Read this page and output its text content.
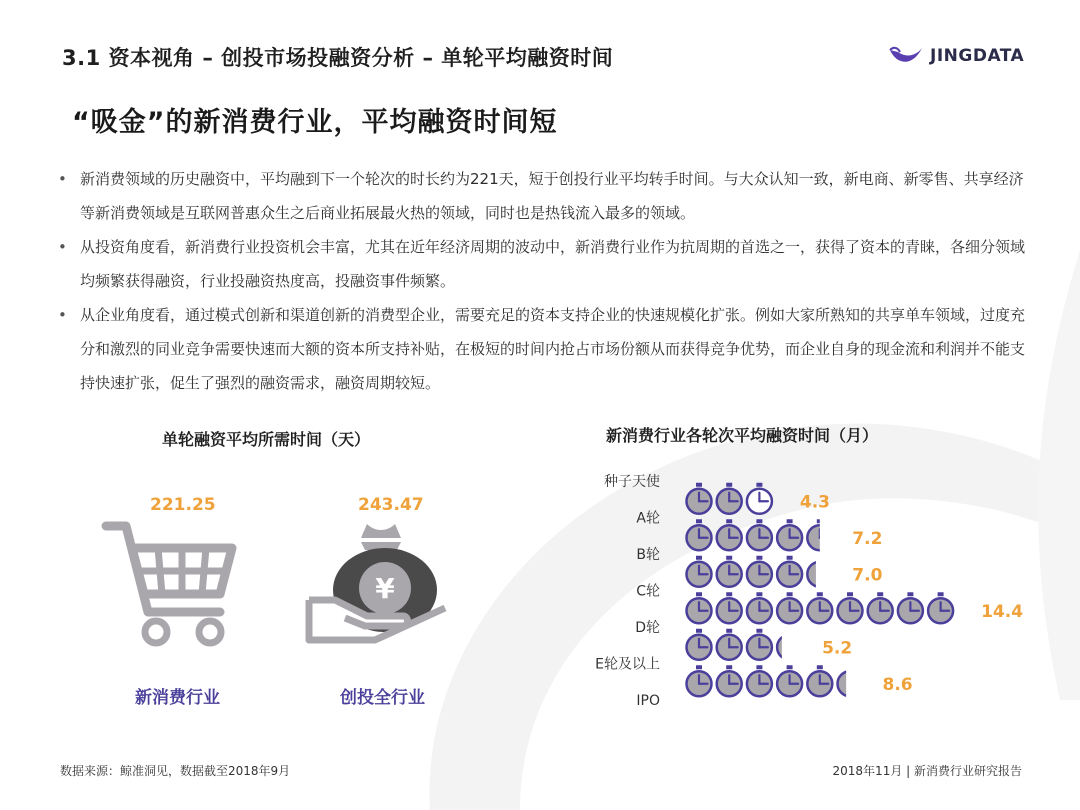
3.1 资本视角 – 创投市场投融资分析 – 单轮平均融资时间	JINGDATA
“吸金”的新消费行业，平均融资时间短
• 新消费领域的历史融资中，平均融到下一个轮次的时长约为221天，短于创投行业平均转手时间。与大众认知一致，新电商、新零售、共享经济等新消费领域是互联网普惠众生之后商业拓展最火热的领域，同时也是热钱流入最多的领域。
• 从投资角度看，新消费行业投资机会丰富，尤其在近年经济周期的波动中，新消费行业作为抗周期的首选之一，获得了资本的青睐，各细分领域均频繁获得融资，行业投融资热度高，投融资事件频繁。
• 从企业角度看，通过模式创新和渠道创新的消费型企业，需要充足的资本支持企业的快速规模化扩张。例如大家所熟知的共享单车领域，过度充分和激烈的同业竞争需要快速而大额的资本所支持补贴，在极短的时间内抢占市场份额从而获得竞争优势，而企业自身的现金流和利润并不能支持快速扩张，促生了强烈的融资需求，融资周期较短。
单轮融资平均所需时间（天）
221.25	243.47
¥
新消费行业	创投全行业
新消费行业各轮次平均融资时间（月）
种子天使
A轮
B轮
C轮
D轮
E轮及以上
IPO
4.3
7.2
7.0
14.4
5.2
8.6
数据来源：鲸准洞见，数据截至2018年9月	2018年11月 | 新消费行业研究报告
